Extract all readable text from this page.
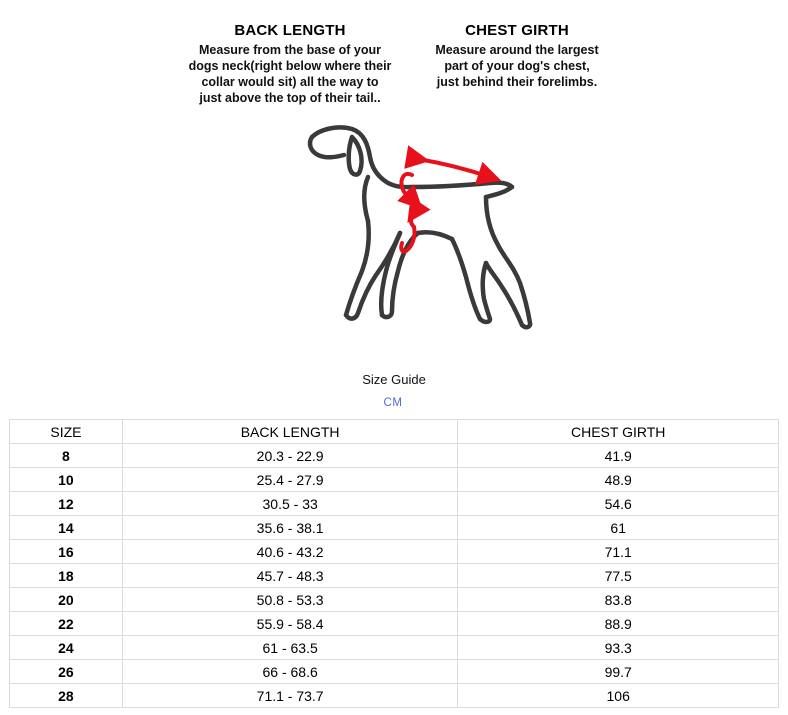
BACK LENGTH
Measure from the base of your
dogs neck(right below where their
collar would sit) all the way to
just above the top of their tail..
CHEST GIRTH
Measure around the largest
part of your dog's chest,
just behind their forelimbs.
Size Guide
CM
SIZE	BACK LENGTH	CHEST GIRTH
8	20.3 - 22.9	41.9
10	25.4 - 27.9	48.9
12	30.5 - 33	54.6
14	35.6 - 38.1	61
16	40.6 - 43.2	71.1
18	45.7 - 48.3	77.5
20	50.8 - 53.3	83.8
22	55.9 - 58.4	88.9
24	61 - 63.5	93.3
26	66 - 68.6	99.7
28	71.1 - 73.7	106
